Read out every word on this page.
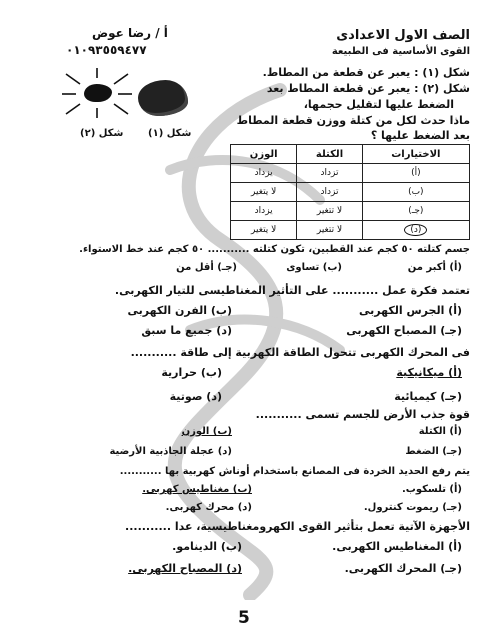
الصف الاول الاعدادى
القوى الأساسية فى الطبيعة
أ / رضا عوض
٠١٠٩٣٥٥٩٤٧٧
شكل (٢) شكل (١)
شكل (١) : يعبر عن قطعة من المطاط.
شكل (٢) : يعبر عن قطعة المطاط بعد
الضغط عليها لتقليل حجمها،
ماذا حدث لكل من كتلة ووزن قطعة المطاط
بعد الضغط عليها ؟
الاختيارات	الكتلة	الوزن
(أ)	تزداد	يزداد
(ب)	تزداد	لا يتغير
(جـ)	لا تتغير	يزداد
(د)	لا تتغير	لا يتغير
جسم كتلته ٥٠ كجم عند القطبين، تكون كتلته ........... ٥٠ كجم عند خط الاستواء.
(أ) أكبر من
(ب) تساوى
(جـ) أقل من
تعتمد فكرة عمل ........... على التأثير المغناطيسى للتيار الكهربى.
(أ) الجرس الكهربى
(ب) الفرن الكهربى
(جـ) المصباح الكهربى
(د) جميع ما سبق
فى المحرك الكهربى تتحول الطاقة الكهربية إلى طاقة ...........
(أ) ميكانيكية
(ب) حرارية
(جـ) كيميائية
(د) صوتية
قوة جذب الأرض للجسم تسمى ...........
(أ) الكتلة
(ب) الوزن
(جـ) الضغط
(د) عجلة الجاذبية الأرضية
يتم رفع الحديد الخردة فى المصانع باستخدام أوناش كهربية بها ...........
(أ) تلسكوب.
(ب) مغناطيس كهربى.
(جـ) ريموت كنترول.
(د) محرك كهربى.
الأجهزة الآتية تعمل بتأثير القوى الكهرومغناطيسية، عدا ...........
(أ) المغناطيس الكهربى.
(ب) الدينامو.
(جـ) المحرك الكهربى.
(د) المصباح الكهربى.
5
